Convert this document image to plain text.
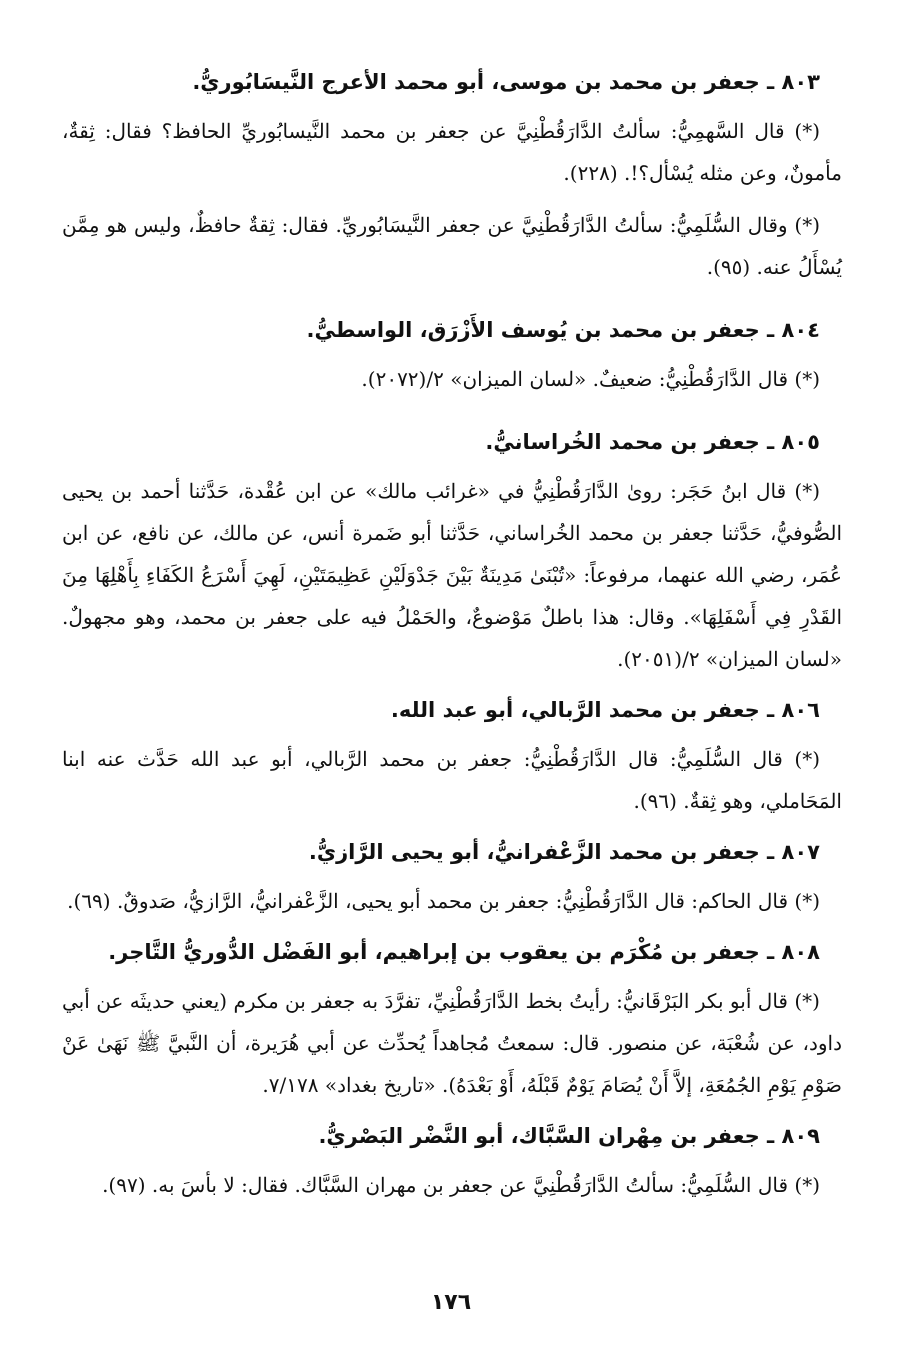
٨٠٣ ـ جعفر بن محمد بن موسى، أبو محمد الأعرج النَّيسَابُوريُّ.

(*) قال السَّهمِيُّ: سألتُ الدَّارَقُطْنِيَّ عن جعفر بن محمد النَّيسابُوريِّ الحافظ؟ فقال: ثِقةٌ، مأمونٌ، وعن مثله يُسْأل؟!. (٢٢٨).

(*) وقال السُّلَمِيُّ: سألتُ الدَّارَقُطْنِيَّ عن جعفر النَّيسَابُوريِّ. فقال: ثِقةٌ حافظٌ، وليس هو مِمَّن يُسْأَلُ عنه. (٩٥).

٨٠٤ ـ جعفر بن محمد بن يُوسف الأَزْرَق، الواسطيُّ.

(*) قال الدَّارَقُطْنِيُّ: ضعيفٌ. «لسان الميزان» ٢/(٢٠٧٢).

٨٠٥ ـ جعفر بن محمد الخُراسانيُّ.

(*) قال ابنُ حَجَر: روىٰ الدَّارَقُطْنِيُّ في «غرائب مالك» عن ابن عُقْدة، حَدَّثنا أحمد بن يحيى الصُّوفيُّ، حَدَّثنا جعفر بن محمد الخُراساني، حَدَّثنا أبو ضَمرة أنس، عن مالك، عن نافع، عن ابن عُمَر، رضي الله عنهما، مرفوعاً: «تُبْنَىٰ مَدِينَةٌ بَيْنَ جَدْوَلَيْنِ عَظِيمَتَيْنِ، لَهِيَ أَسْرَعُ الكَفَاءِ بِأَهْلِهَا مِنَ القَدْرِ فِي أَسْفَلِهَا». وقال: هذا باطلٌ مَوْضوعٌ، والحَمْلُ فيه على جعفر بن محمد، وهو مجهولٌ. «لسان الميزان» ٢/(٢٠٥١).

٨٠٦ ـ جعفر بن محمد الرَّبالي، أبو عبد الله.

(*) قال السُّلَمِيُّ: قال الدَّارَقُطْنِيُّ: جعفر بن محمد الرَّبالي، أبو عبد الله حَدَّث عنه ابنا المَحَاملي، وهو ثِقةٌ. (٩٦).

٨٠٧ ـ جعفر بن محمد الزَّعْفرانيُّ، أبو يحيى الرَّازيُّ.

(*) قال الحاكم: قال الدَّارَقُطْنِيُّ: جعفر بن محمد أبو يحيى، الزَّعْفرانيُّ، الرَّازيُّ، صَدوقٌ. (٦٩).

٨٠٨ ـ جعفر بن مُكْرَم بن يعقوب بن إبراهيم، أبو الفَضْل الدُّوريُّ التَّاجر.

(*) قال أبو بكر البَرْقَانيُّ: رأيتُ بخط الدَّارَقُطْنِيِّ، تفرَّدَ به جعفر بن مكرم (يعني حديثَه عن أبي داود، عن شُعْبَة، عن منصور. قال: سمعتُ مُجاهداً يُحدِّث عن أبي هُرَيرة، أن النَّبيَّ ﷺ نَهَىٰ عَنْ صَوْمِ يَوْمِ الجُمُعَةِ، إلاَّ أَنْ يُصَامَ يَوْمٌ قَبْلَهُ، أَوْ بَعْدَهُ). «تاريخ بغداد» ٧/١٧٨.

٨٠٩ ـ جعفر بن مِهْران السَّبَّاك، أبو النَّضْر البَصْريُّ.

(*) قال السُّلَمِيُّ: سألتُ الدَّارَقُطْنِيَّ عن جعفر بن مهران السَّبَّاك. فقال: لا بأسَ به. (٩٧).

١٧٦
